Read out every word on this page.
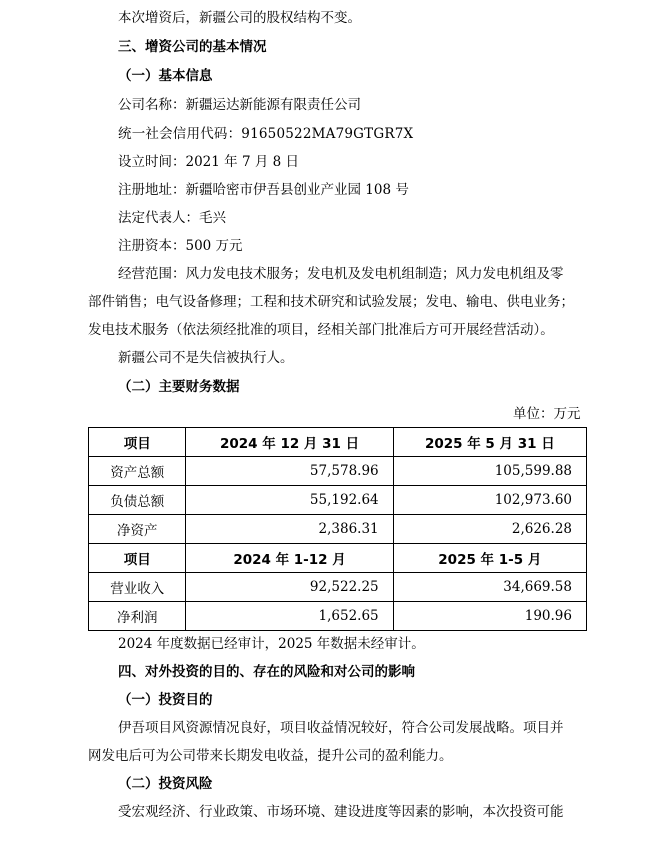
本次增资后，新疆公司的股权结构不变。
三、增资公司的基本情况
（一）基本信息
公司名称：新疆运达新能源有限责任公司
统一社会信用代码：91650522MA79GTGR7X
设立时间：2021 年 7 月 8 日
注册地址：新疆哈密市伊吾县创业产业园 108 号
法定代表人：毛兴
注册资本：500 万元
经营范围：风力发电技术服务；发电机及发电机组制造；风力发电机组及零
部件销售；电气设备修理；工程和技术研究和试验发展；发电、输电、供电业务；
发电技术服务（依法须经批准的项目，经相关部门批准后方可开展经营活动）。
新疆公司不是失信被执行人。
（二）主要财务数据
单位：万元
项目	2024 年 12 月 31 日	2025 年 5 月 31 日
资产总额	57,578.96	105,599.88
负债总额	55,192.64	102,973.60
净资产	2,386.31	2,626.28
项目	2024 年 1-12 月	2025 年 1-5 月
营业收入	92,522.25	34,669.58
净利润	1,652.65	190.96
2024 年度数据已经审计，2025 年数据未经审计。
四、对外投资的目的、存在的风险和对公司的影响
（一）投资目的
伊吾项目风资源情况良好，项目收益情况较好，符合公司发展战略。项目并
网发电后可为公司带来长期发电收益，提升公司的盈利能力。
（二）投资风险
受宏观经济、行业政策、市场环境、建设进度等因素的影响，本次投资可能
